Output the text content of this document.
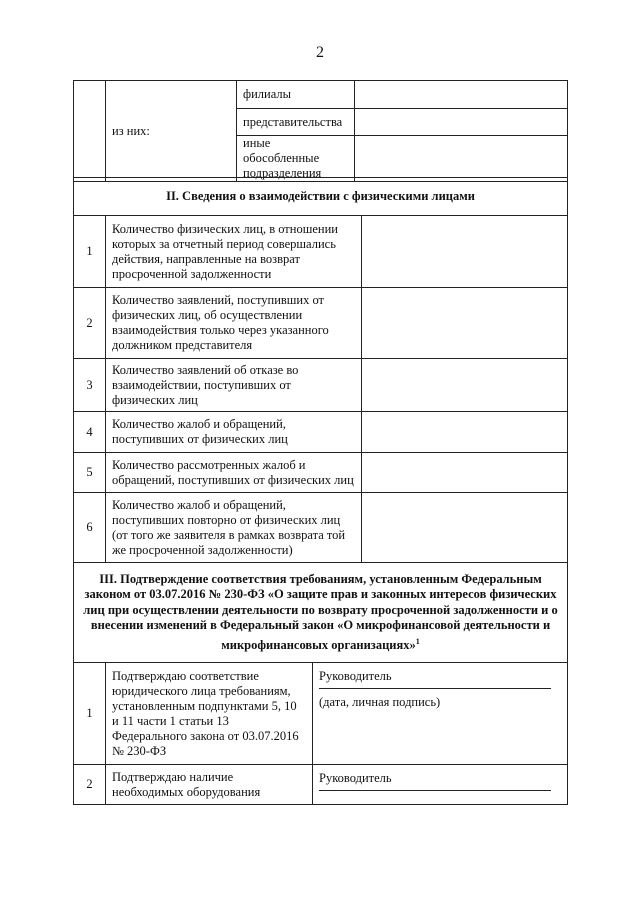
2
	из них:	филиалы	
		представительства	
		иные обособленные подразделения	
II. Сведения о взаимодействии с физическими лицами		
1	Количество физических лиц, в отношении которых за отчетный период совершались действия, направленные на возврат просроченной задолженности	
2	Количество заявлений, поступивших от физических лиц, об осуществлении взаимодействия только через указанного должником представителя	
3	Количество заявлений об отказе во взаимодействии, поступивших от физических лиц	
4	Количество жалоб и обращений, поступивших от физических лиц	
5	Количество рассмотренных жалоб и обращений, поступивших от физических лиц	
6	Количество жалоб и обращений, поступивших повторно от физических лиц (от того же заявителя в рамках возврата той же просроченной задолженности)	
III. Подтверждение соответствия требованиям, установленным Федеральным законом от 03.07.2016 № 230-ФЗ «О защите прав и законных интересов физических лиц при осуществлении деятельности по возврату просроченной задолженности и о внесении изменений в Федеральный закон «О микрофинансовой деятельности и микрофинансовых организациях»$^1$
1	Подтверждаю соответствие юридического лица требованиям, установленным подпунктами 5, 10 и 11 части 1 статьи 13 Федерального закона от 03.07.2016 № 230-ФЗ	Руководитель
(дата, личная подпись)

2	Подтверждаю наличие необходимых оборудования	Руководитель
